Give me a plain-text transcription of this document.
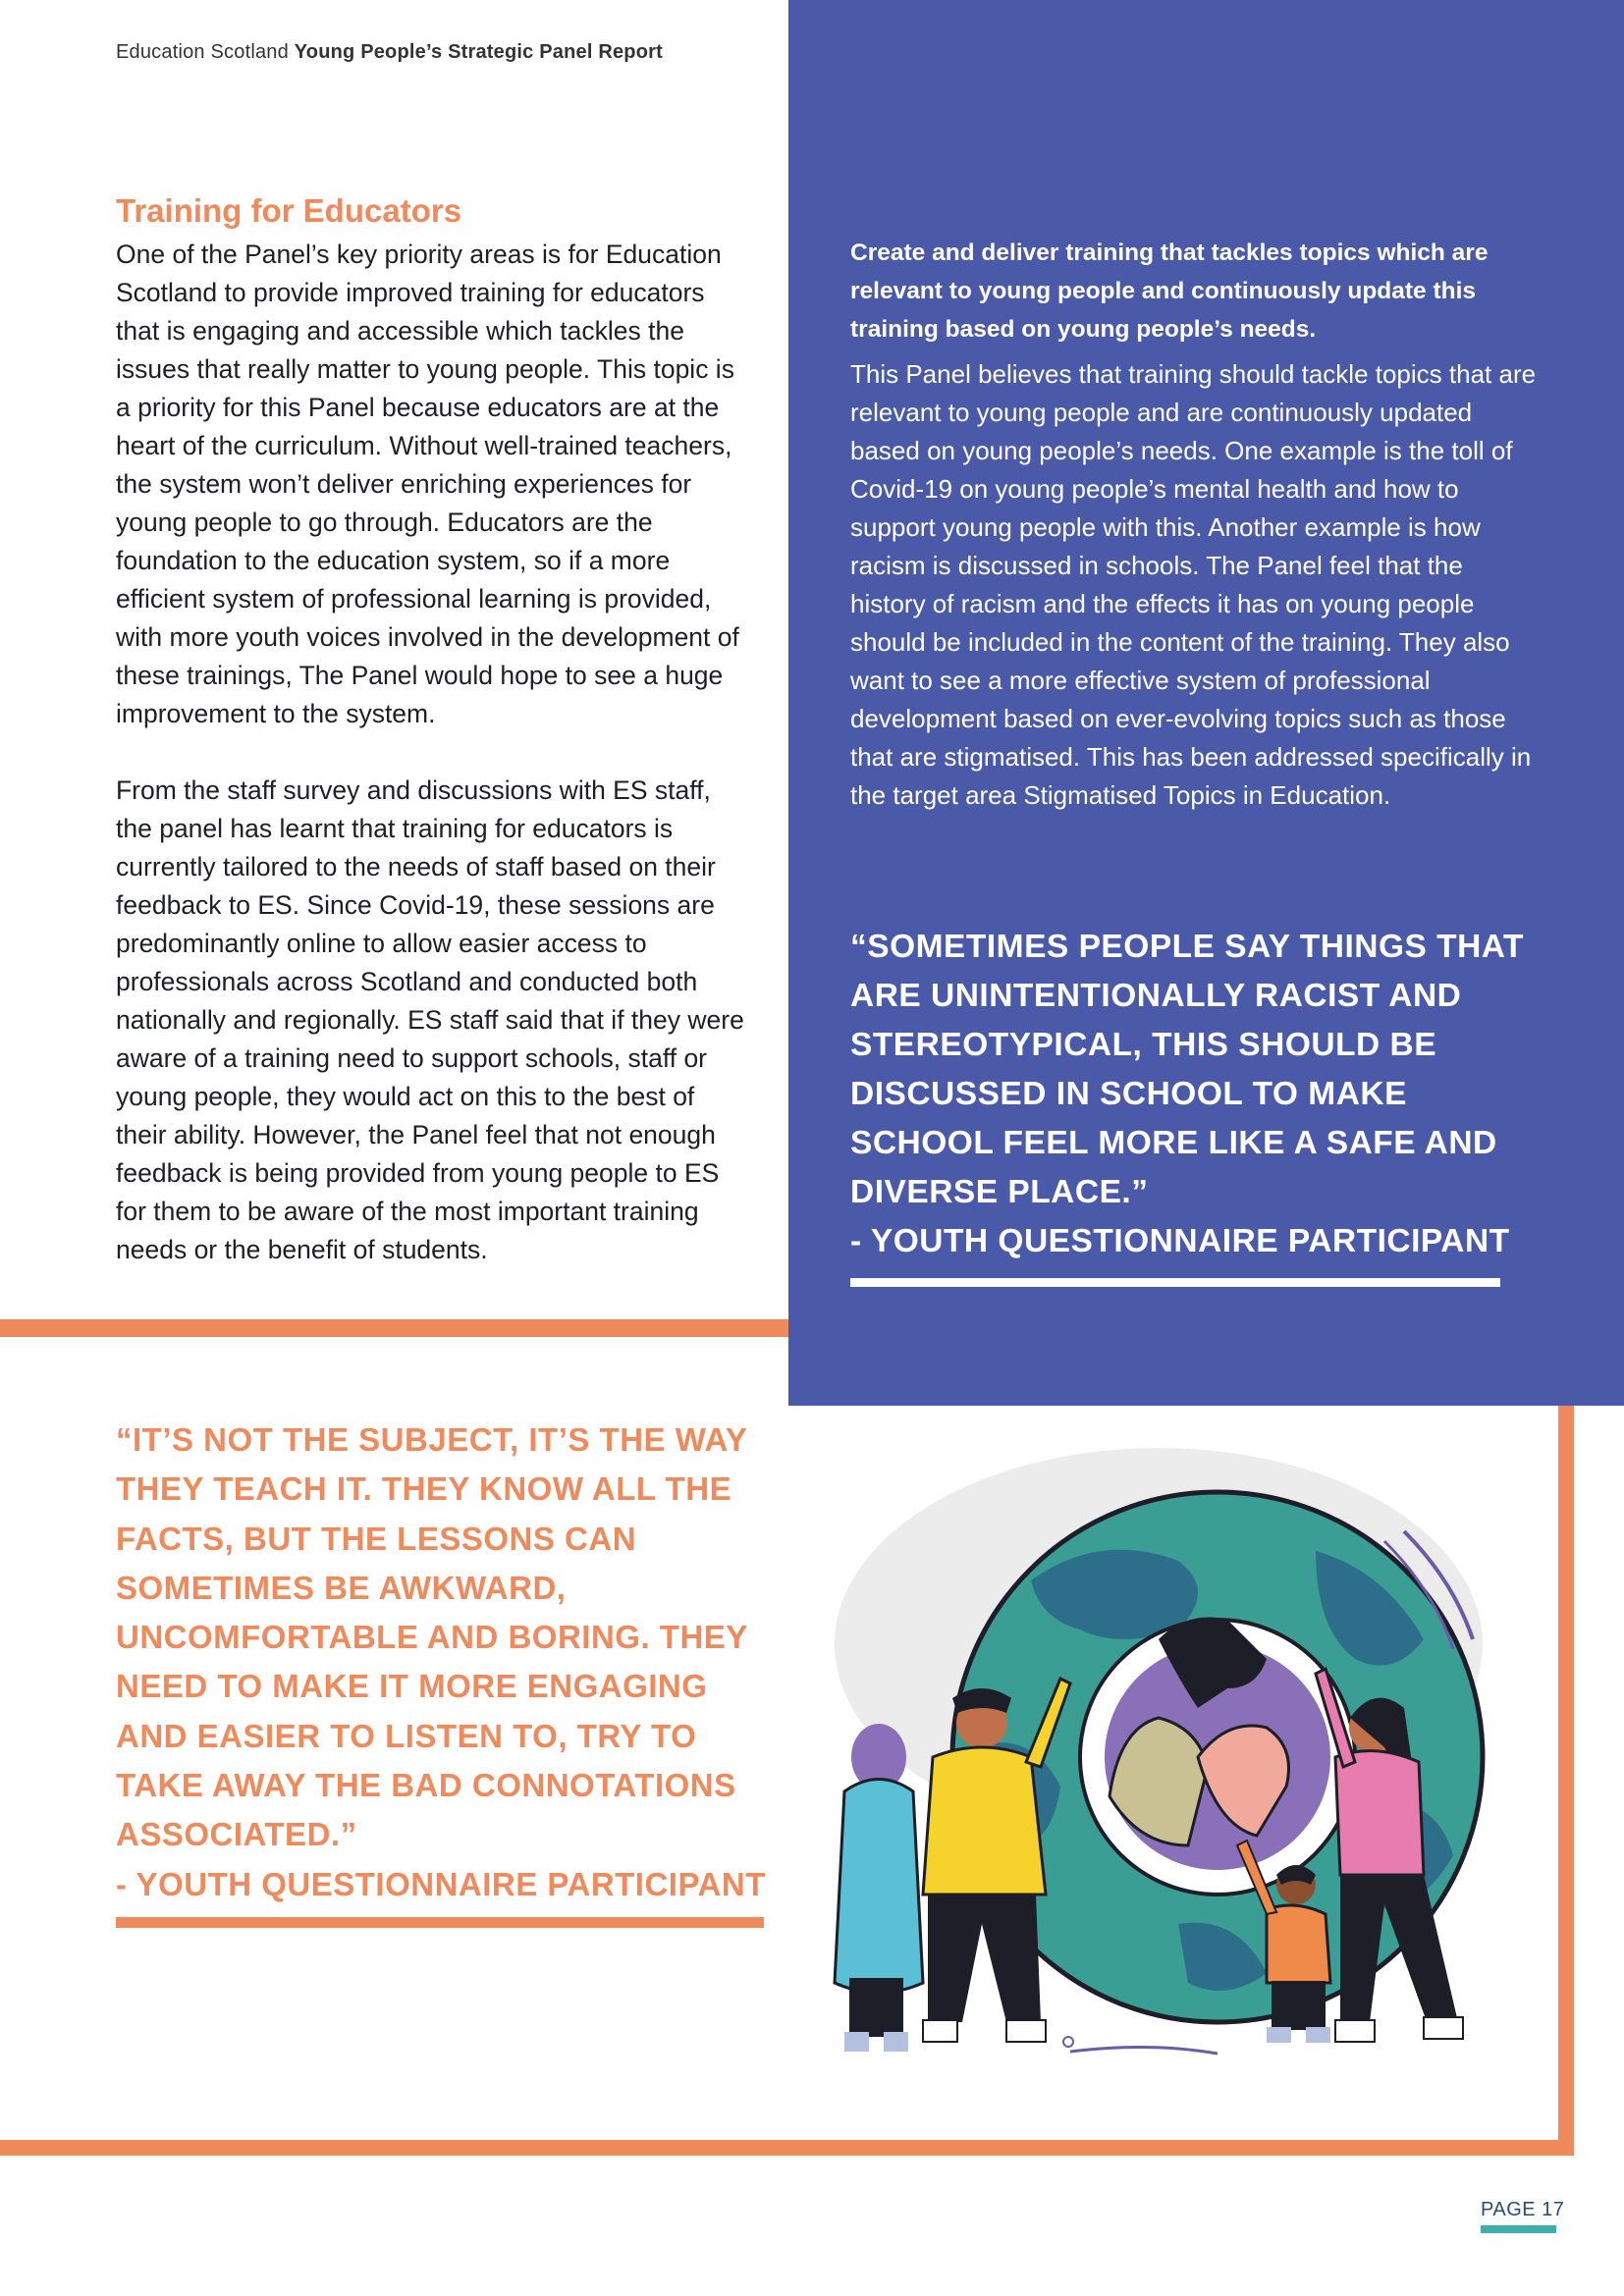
Education Scotland Young People’s Strategic Panel Report
Training for Educators

One of the Panel’s key priority areas is for Education Scotland to provide improved training for educators that is engaging and accessible which tackles the issues that really matter to young people. This topic is a priority for this Panel because educators are at the heart of the curriculum. Without well-trained teachers, the system won’t deliver enriching experiences for young people to go through. Educators are the foundation to the education system, so if a more efficient system of professional learning is provided, with more youth voices involved in the development of these trainings, The Panel would hope to see a huge improvement to the system.

From the staff survey and discussions with ES staff, the panel has learnt that training for educators is currently tailored to the needs of staff based on their feedback to ES. Since Covid-19, these sessions are predominantly online to allow easier access to professionals across Scotland and conducted both nationally and regionally. ES staff said that if they were aware of a training need to support schools, staff or young people, they would act on this to the best of their ability. However, the Panel feel that not enough feedback is being provided from young people to ES for them to be aware of the most important training needs or the benefit of students.

Create and deliver training that tackles topics which are relevant to young people and continuously update this training based on young people’s needs.
This Panel believes that training should tackle topics that are relevant to young people and are continuously updated based on young people’s needs. One example is the toll of Covid-19 on young people’s mental health and how to support young people with this. Another example is how racism is discussed in schools. The Panel feel that the history of racism and the effects it has on young people should be included in the content of the training. They also want to see a more effective system of professional development based on ever-evolving topics such as those that are stigmatised. This has been addressed specifically in the target area Stigmatised Topics in Education.
“SOMETIMES PEOPLE SAY THINGS THAT ARE UNINTENTIONALLY RACIST AND STEREOTYPICAL, THIS SHOULD BE DISCUSSED IN SCHOOL TO MAKE SCHOOL FEEL MORE LIKE A SAFE AND DIVERSE PLACE.”
- YOUTH QUESTIONNAIRE PARTICIPANT
“IT’S NOT THE SUBJECT, IT’S THE WAY THEY TEACH IT. THEY KNOW ALL THE FACTS, BUT THE LESSONS CAN SOMETIMES BE AWKWARD, UNCOMFORTABLE AND BORING. THEY NEED TO MAKE IT MORE ENGAGING AND EASIER TO LISTEN TO, TRY TO TAKE AWAY THE BAD CONNOTATIONS ASSOCIATED.”
- YOUTH QUESTIONNAIRE PARTICIPANT
PAGE 17
